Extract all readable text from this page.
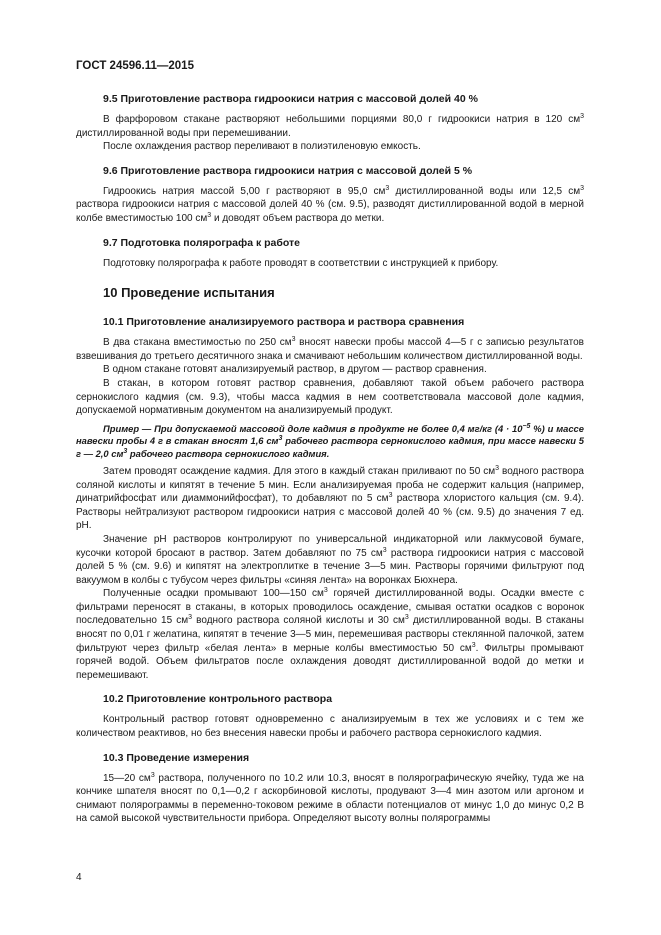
ГОСТ 24596.11—2015

9.5 Приготовление раствора гидроокиси натрия с массовой долей 40 %

В фарфоровом стакане растворяют небольшими порциями 80,0 г гидроокиси натрия в 120 $см^3$ дистиллированной воды при перемешивании.

После охлаждения раствор переливают в полиэтиленовую емкость.

9.6 Приготовление раствора гидроокиси натрия с массовой долей 5 %

Гидроокись натрия массой 5,00 г растворяют в 95,0 $см^3$ дистиллированной воды или 12,5 $см^3$ раствора гидроокиси натрия с массовой долей 40 % (см. 9.5), разводят дистиллированной водой в мерной колбе вместимостью 100 $см^3$ и доводят объем раствора до метки.

9.7 Подготовка полярографа к работе

Подготовку полярографа к работе проводят в соответствии с инструкцией к прибору.

10 Проведение испытания

10.1 Приготовление анализируемого раствора и раствора сравнения

В два стакана вместимостью по 250 $см^3$ вносят навески пробы массой 4—5 г с записью результатов взвешивания до третьего десятичного знака и смачивают небольшим количеством дистиллированной воды.

В одном стакане готовят анализируемый раствор, в другом — раствор сравнения.

В стакан, в котором готовят раствор сравнения, добавляют такой объем рабочего раствора сернокислого кадмия (см. 9.3), чтобы масса кадмия в нем соответствовала массовой доле кадмия, допускаемой нормативным документом на анализируемый продукт.

Пример — При допускаемой массовой доле кадмия в продукте не более 0,4 мг/кг ($4 \cdot 10^{-5}$ %) и массе навески пробы 4 г в стакан вносят 1,6 $см^3$ рабочего раствора сернокислого кадмия, при массе навески 5 г — 2,0 $см^3$ рабочего раствора сернокислого кадмия.

Затем проводят осаждение кадмия. Для этого в каждый стакан приливают по 50 $см^3$ водного раствора соляной кислоты и кипятят в течение 5 мин. Если анализируемая проба не содержит кальция (например, динатрийфосфат или диаммонийфосфат), то добавляют по 5 $см^3$ раствора хлористого кальция (см. 9.4). Растворы нейтрализуют раствором гидроокиси натрия с массовой долей 40 % (см. 9.5) до значения 7 ед. рН.

Значение рН растворов контролируют по универсальной индикаторной или лакмусовой бумаге, кусочки которой бросают в раствор. Затем добавляют по 75 $см^3$ раствора гидроокиси натрия с массовой долей 5 % (см. 9.6) и кипятят на электроплитке в течение 3—5 мин. Растворы горячими фильтруют под вакуумом в колбы с тубусом через фильтры «синяя лента» на воронках Бюхнера.

Полученные осадки промывают 100—150 $см^3$ горячей дистиллированной воды. Осадки вместе с фильтрами переносят в стаканы, в которых проводилось осаждение, смывая остатки осадков с воронок последовательно 15 $см^3$ водного раствора соляной кислоты и 30 $см^3$ дистиллированной воды. В стаканы вносят по 0,01 г желатина, кипятят в течение 3—5 мин, перемешивая растворы стеклянной палочкой, затем фильтруют через фильтр «белая лента» в мерные колбы вместимостью 50 $см^3$. Фильтры промывают горячей водой. Объем фильтратов после охлаждения доводят дистиллированной водой до метки и перемешивают.

10.2 Приготовление контрольного раствора

Контрольный раствор готовят одновременно с анализируемым в тех же условиях и с тем же количеством реактивов, но без внесения навески пробы и рабочего раствора сернокислого кадмия.

10.3 Проведение измерения

15—20 $см^3$ раствора, полученного по 10.2 или 10.3, вносят в полярографическую ячейку, туда же на кончике шпателя вносят по 0,1—0,2 г аскорбиновой кислоты, продувают 3—4 мин азотом или аргоном и снимают полярограммы в переменно-токовом режиме в области потенциалов от минус 1,0 до минус 0,2 В на самой высокой чувствительности прибора. Определяют высоту волны полярограммы

4
